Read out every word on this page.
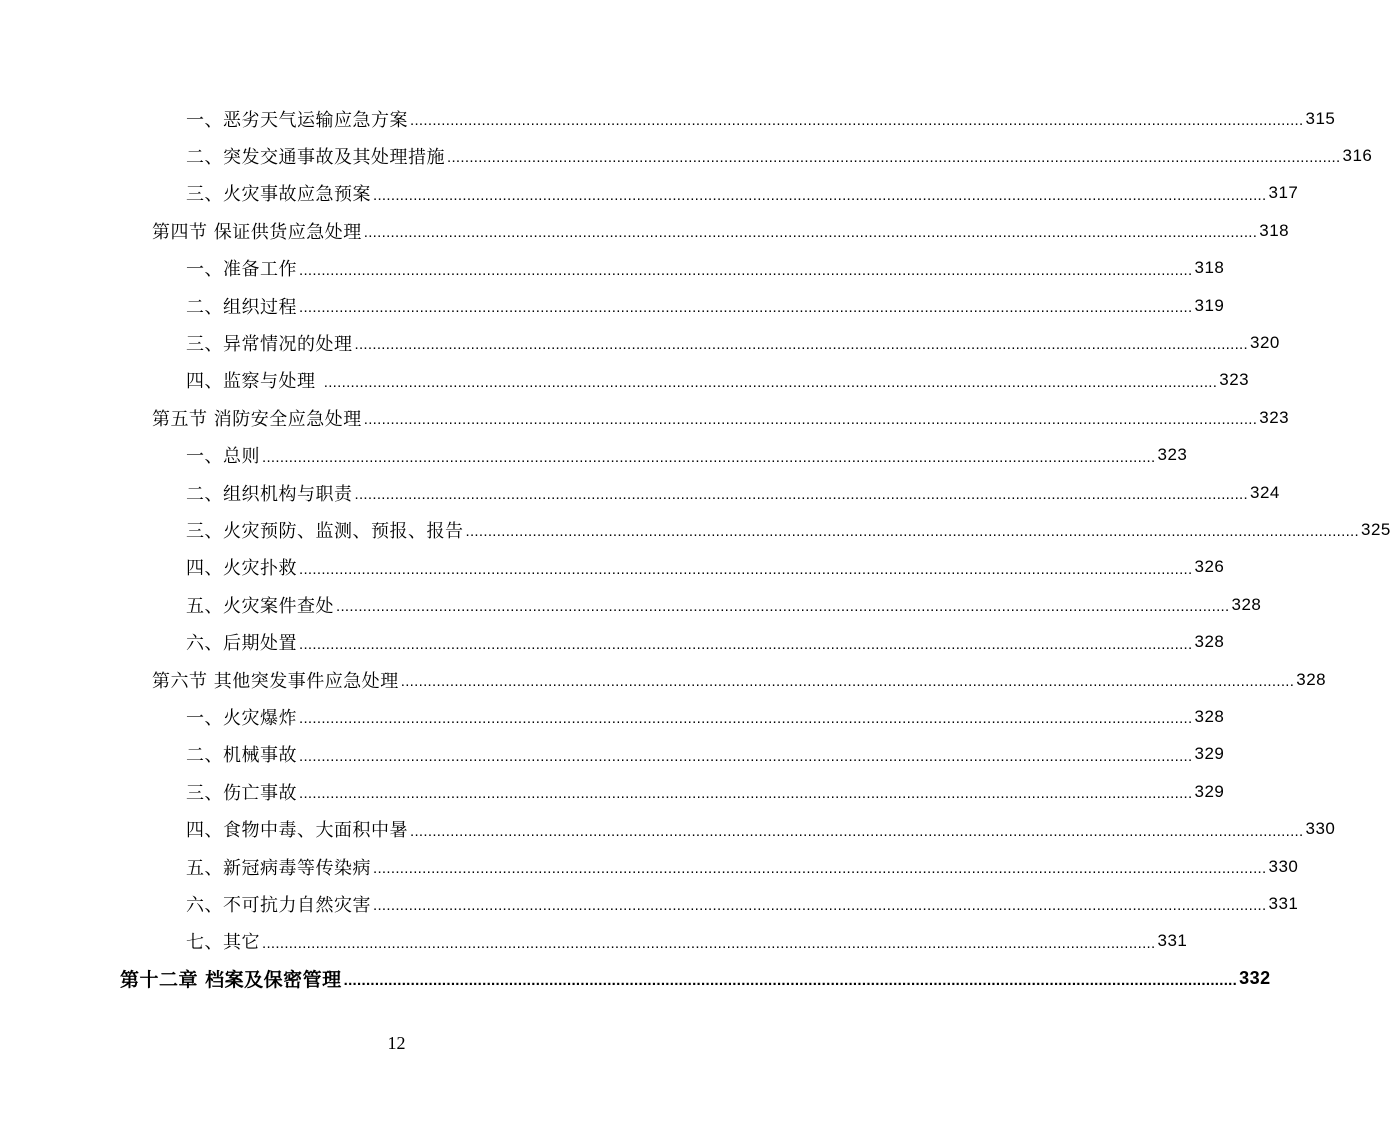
一、恶劣天气运输应急方案 ........................................................................................................................................................................................................ 315
二、突发交通事故及其处理措施 ........................................................................................................................................................................................................ 316
三、火灾事故应急预案 ........................................................................................................................................................................................................ 317
第四节 保证供货应急处理 ........................................................................................................................................................................................................ 318
一、准备工作 ........................................................................................................................................................................................................ 318
二、组织过程 ........................................................................................................................................................................................................ 319
三、异常情况的处理 ........................................................................................................................................................................................................ 320
四、监察与处理 ........................................................................................................................................................................................................ 323
第五节 消防安全应急处理 ........................................................................................................................................................................................................ 323
一、总则 ........................................................................................................................................................................................................ 323
二、组织机构与职责 ........................................................................................................................................................................................................ 324
三、火灾预防、监测、预报、报告 ........................................................................................................................................................................................................ 325
四、火灾扑救 ........................................................................................................................................................................................................ 326
五、火灾案件查处 ........................................................................................................................................................................................................ 328
六、后期处置 ........................................................................................................................................................................................................ 328
第六节 其他突发事件应急处理 ........................................................................................................................................................................................................ 328
一、火灾爆炸 ........................................................................................................................................................................................................ 328
二、机械事故 ........................................................................................................................................................................................................ 329
三、伤亡事故 ........................................................................................................................................................................................................ 329
四、食物中毒、大面积中暑 ........................................................................................................................................................................................................ 330
五、新冠病毒等传染病 ........................................................................................................................................................................................................ 330
六、不可抗力自然灾害 ........................................................................................................................................................................................................ 331
七、其它 ........................................................................................................................................................................................................ 331
第十二章 档案及保密管理 ........................................................................................................................................................................................................ 332
12
